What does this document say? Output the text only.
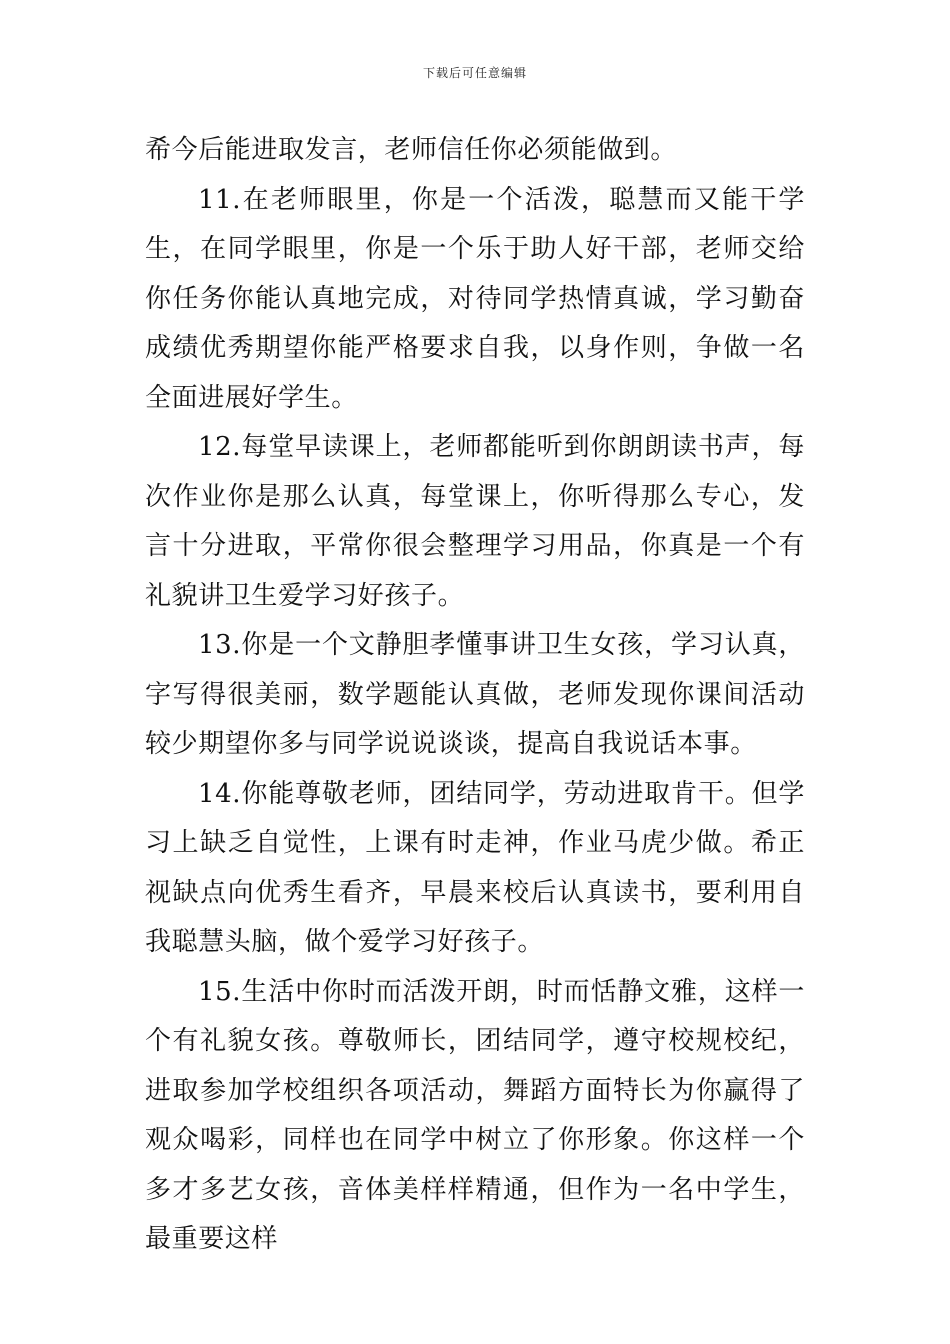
下载后可任意编辑

希今后能进取发言，老师信任你必须能做到。

11.在老师眼里，你是一个活泼，聪慧而又能干学生，在同学眼里，你是一个乐于助人好干部，老师交给你任务你能认真地完成，对待同学热情真诚，学习勤奋成绩优秀期望你能严格要求自我，以身作则，争做一名全面进展好学生。

12.每堂早读课上，老师都能听到你朗朗读书声，每次作业你是那么认真，每堂课上，你听得那么专心，发言十分进取，平常你很会整理学习用品，你真是一个有礼貌讲卫生爱学习好孩子。

13.你是一个文静胆孝懂事讲卫生女孩，学习认真，字写得很美丽，数学题能认真做，老师发现你课间活动较少期望你多与同学说说谈谈，提高自我说话本事。

14.你能尊敬老师，团结同学，劳动进取肯干。但学习上缺乏自觉性，上课有时走神，作业马虎少做。希正视缺点向优秀生看齐，早晨来校后认真读书，要利用自我聪慧头脑，做个爱学习好孩子。

15.生活中你时而活泼开朗，时而恬静文雅，这样一个有礼貌女孩。尊敬师长，团结同学，遵守校规校纪，进取参加学校组织各项活动，舞蹈方面特长为你赢得了观众喝彩，同样也在同学中树立了你形象。你这样一个多才多艺女孩，音体美样样精通，但作为一名中学生，最重要这样
